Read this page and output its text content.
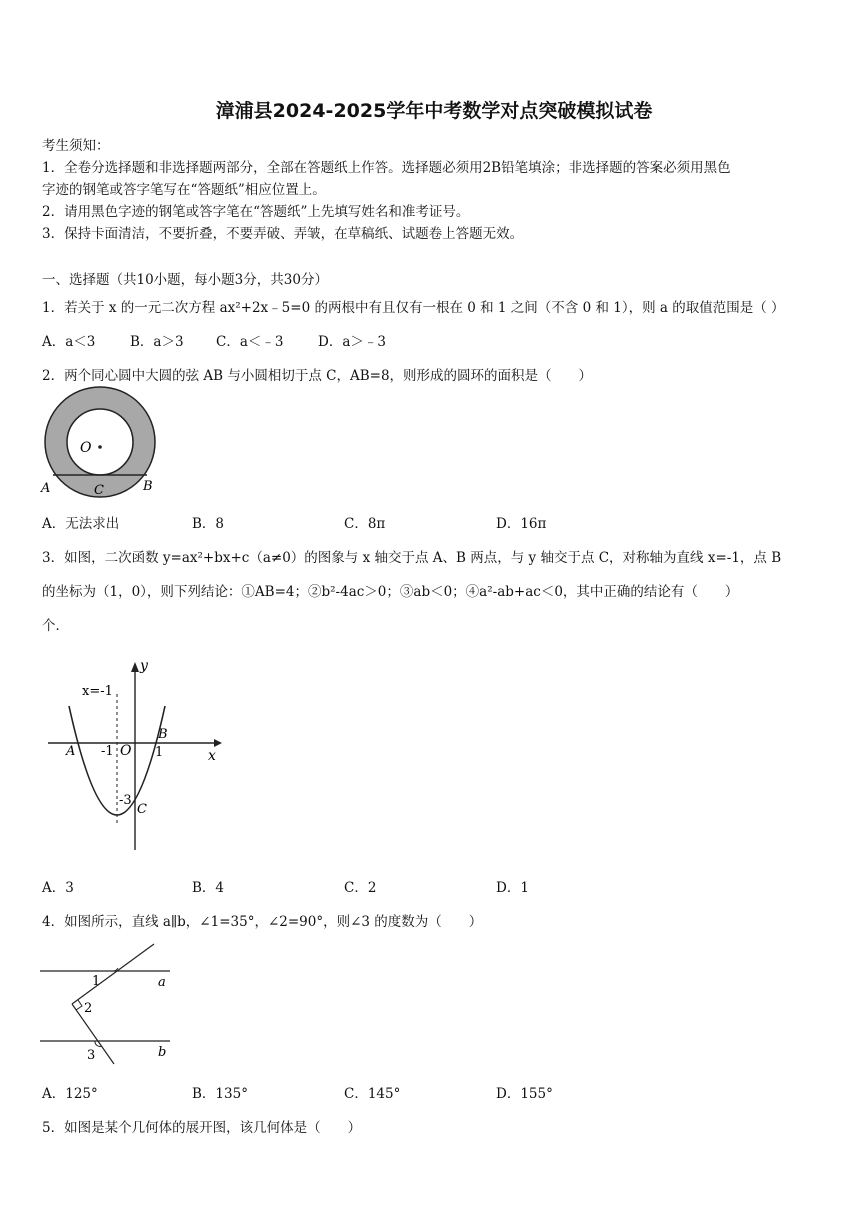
漳浦县2024-2025学年中考数学对点突破模拟试卷
考生须知：
1．全卷分选择题和非选择题两部分，全部在答题纸上作答。选择题必须用2B铅笔填涂；非选择题的答案必须用黑色
字迹的钢笔或答字笔写在“答题纸”相应位置上。
2．请用黑色字迹的钢笔或答字笔在“答题纸”上先填写姓名和准考证号。
3．保持卡面清洁，不要折叠，不要弄破、弄皱，在草稿纸、试题卷上答题无效。
一、选择题（共10小题，每小题3分，共30分）
1．若关于 x 的一元二次方程 ax²+2x﹣5=0 的两根中有且仅有一根在 0 和 1 之间（不含 0 和 1），则 a 的取值范围是（ ）
A．a＜3	B．a＞3 C．a＜﹣3	D．a＞﹣3
2．两个同心圆中大圆的弦 AB 与小圆相切于点 C，AB=8，则形成的圆环的面积是（　　）
O
A	C	B
A．无法求出	B．8	C．8π	D．16π
3．如图，二次函数 y=ax²+bx+c（a≠0）的图象与 x 轴交于点 A、B 两点，与 y 轴交于点 C，对称轴为直线 x=-1，点 B
的坐标为（1，0），则下列结论：①AB=4；②b²-4ac＞0；③ab＜0；④a²-ab+ac＜0，其中正确的结论有（　　）
个．
y
x
x=-1
A -1 O 1
B
-3
C
A．3	B．4	C．2	D．1
4．如图所示，直线 a∥b，∠1=35°，∠2=90°，则∠3 的度数为（　　）
1
2
3
a
b
A．125°	B．135°	C．145°	D．155°
5．如图是某个几何体的展开图，该几何体是（　　）
